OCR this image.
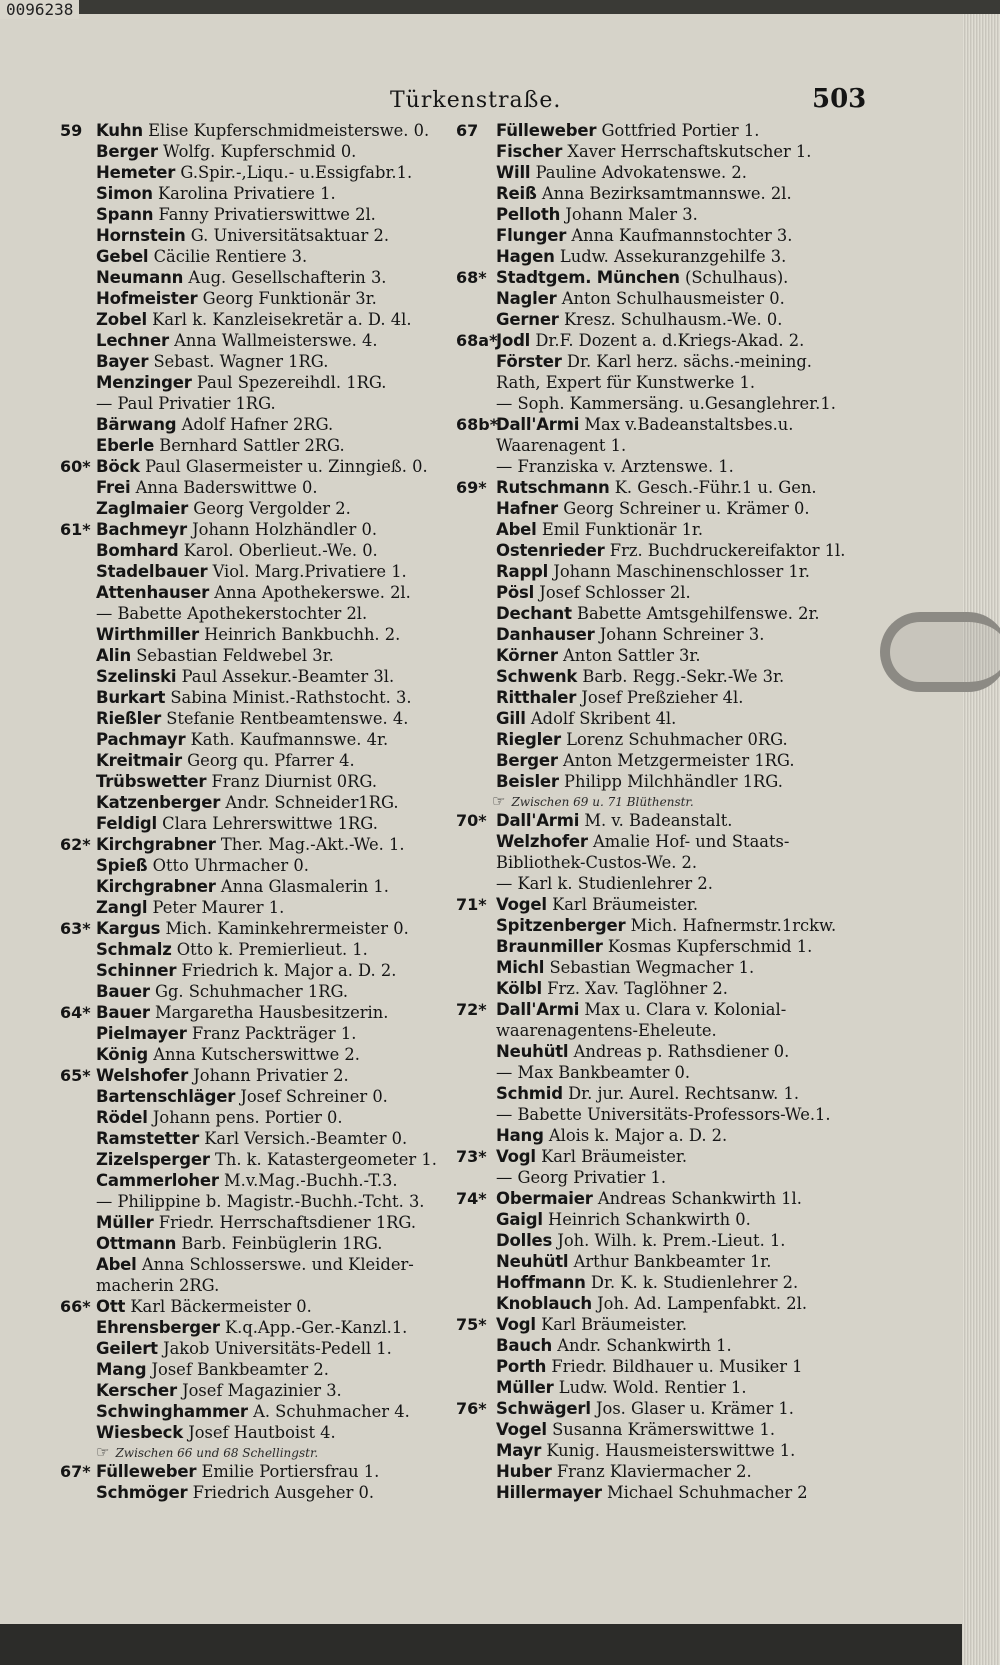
Türkenstraße.	503
59 Kuhn Elise Kupferschmidmeisterswe. 0.
Berger Wolfg. Kupferschmid 0.
Hemeter G.Spir.-,Liqu.- u.Essigfabr.1.
Simon Karolina Privatiere 1.
Spann Fanny Privatierswittwe 2l.
Hornstein G. Universitätsaktuar 2.
Gebel Cäcilie Rentiere 3.
Neumann Aug. Gesellschafterin 3.
Hofmeister Georg Funktionär 3r.
Zobel Karl k. Kanzleisekretär a. D. 4l.
Lechner Anna Wallmeisterswe. 4.
Bayer Sebast. Wagner 1RG.
Menzinger Paul Spezereihdl. 1RG.
— Paul Privatier 1RG.
Bärwang Adolf Hafner 2RG.
Eberle Bernhard Sattler 2RG.
60* Böck Paul Glasermeister u. Zinngieß. 0.
Frei Anna Baderswittwe 0.
Zaglmaier Georg Vergolder 2.
61* Bachmeyr Johann Holzhändler 0.
Bomhard Karol. Oberlieut.-We. 0.
Stadelbauer Viol. Marg.Privatiere 1.
Attenhauser Anna Apothekerswe. 2l.
— Babette Apothekerstochter 2l.
Wirthmiller Heinrich Bankbuchh. 2.
Alin Sebastian Feldwebel 3r.
Szelinski Paul Assekur.-Beamter 3l.
Burkart Sabina Minist.-Rathstocht. 3.
Rießler Stefanie Rentbeamtenswe. 4.
Pachmayr Kath. Kaufmannswe. 4r.
Kreitmair Georg qu. Pfarrer 4.
Trübswetter Franz Diurnist 0RG.
Katzenberger Andr. Schneider1RG.
Feldigl Clara Lehrerswittwe 1RG.
62* Kirchgrabner Ther. Mag.-Akt.-We. 1.
Spieß Otto Uhrmacher 0.
Kirchgrabner Anna Glasmalerin 1.
Zangl Peter Maurer 1.
63* Kargus Mich. Kaminkehrermeister 0.
Schmalz Otto k. Premierlieut. 1.
Schinner Friedrich k. Major a. D. 2.
Bauer Gg. Schuhmacher 1RG.
64* Bauer Margaretha Hausbesitzerin.
Pielmayer Franz Packträger 1.
König Anna Kutscherswittwe 2.
65* Welshofer Johann Privatier 2.
Bartenschläger Josef Schreiner 0.
Rödel Johann pens. Portier 0.
Ramstetter Karl Versich.-Beamter 0.
Zizelsperger Th. k. Katastergeometer 1.
Cammerloher M.v.Mag.-Buchh.-T.3.
— Philippine b. Magistr.-Buchh.-Tcht. 3.
Müller Friedr. Herrschaftsdiener 1RG.
Ottmann Barb. Feinbüglerin 1RG.
Abel Anna Schlosserswe. und Kleider-
macherin 2RG.
66* Ott Karl Bäckermeister 0.
Ehrensberger K.q.App.-Ger.-Kanzl.1.
Geilert Jakob Universitäts-Pedell 1.
Mang Josef Bankbeamter 2.
Kerscher Josef Magazinier 3.
Schwinghammer A. Schuhmacher 4.
Wiesbeck Josef Hautboist 4.
☞ Zwischen 66 und 68 Schellingstr.
67* Fülleweber Emilie Portiersfrau 1.
Schmöger Friedrich Ausgeher 0.
67 Fülleweber Gottfried Portier 1.
Fischer Xaver Herrschaftskutscher 1.
Will Pauline Advokatenswe. 2.
Reiß Anna Bezirksamtmannswe. 2l.
Pelloth Johann Maler 3.
Flunger Anna Kaufmannstochter 3.
Hagen Ludw. Assekuranzgehilfe 3.
68* Stadtgem. München (Schulhaus).
Nagler Anton Schulhausmeister 0.
Gerner Kresz. Schulhausm.-We. 0.
68a*Jodl Dr.F. Dozent a. d.Kriegs-Akad. 2.
Förster Dr. Karl herz. sächs.-meining.
Rath, Expert für Kunstwerke 1.
— Soph. Kammersäng. u.Gesanglehrer.1.
68b*Dall'Armi Max v.Badeanstaltsbes.u.
Waarenagent 1.
— Franziska v. Arztenswe. 1.
69* Rutschmann K. Gesch.-Führ.1 u. Gen.
Hafner Georg Schreiner u. Krämer 0.
Abel Emil Funktionär 1r.
Ostenrieder Frz. Buchdruckereifaktor 1l.
Rappl Johann Maschinenschlosser 1r.
Pösl Josef Schlosser 2l.
Dechant Babette Amtsgehilfenswe. 2r.
Danhauser Johann Schreiner 3.
Körner Anton Sattler 3r.
Schwenk Barb. Regg.-Sekr.-We 3r.
Ritthaler Josef Preßzieher 4l.
Gill Adolf Skribent 4l.
Riegler Lorenz Schuhmacher 0RG.
Berger Anton Metzgermeister 1RG.
Beisler Philipp Milchhändler 1RG.
☞ Zwischen 69 u. 71 Blüthenstr.
70* Dall'Armi M. v. Badeanstalt.
Welzhofer Amalie Hof- und Staats-
Bibliothek-Custos-We. 2.
— Karl k. Studienlehrer 2.
71* Vogel Karl Bräumeister.
Spitzenberger Mich. Hafnermstr.1rckw.
Braunmiller Kosmas Kupferschmid 1.
Michl Sebastian Wegmacher 1.
Kölbl Frz. Xav. Taglöhner 2.
72* Dall'Armi Max u. Clara v. Kolonial-
waarenagentens-Eheleute.
Neuhütl Andreas p. Rathsdiener 0.
— Max Bankbeamter 0.
Schmid Dr. jur. Aurel. Rechtsanw. 1.
— Babette Universitäts-Professors-We.1.
Hang Alois k. Major a. D. 2.
73* Vogl Karl Bräumeister.
— Georg Privatier 1.
74* Obermaier Andreas Schankwirth 1l.
Gaigl Heinrich Schankwirth 0.
Dolles Joh. Wilh. k. Prem.-Lieut. 1.
Neuhütl Arthur Bankbeamter 1r.
Hoffmann Dr. K. k. Studienlehrer 2.
Knoblauch Joh. Ad. Lampenfabkt. 2l.
75* Vogl Karl Bräumeister.
Bauch Andr. Schankwirth 1.
Porth Friedr. Bildhauer u. Musiker 1
Müller Ludw. Wold. Rentier 1.
76* Schwägerl Jos. Glaser u. Krämer 1.
Vogel Susanna Krämerswittwe 1.
Mayr Kunig. Hausmeisterswittwe 1.
Huber Franz Klaviermacher 2.
Hillermayer Michael Schuhmacher 2
0096238
